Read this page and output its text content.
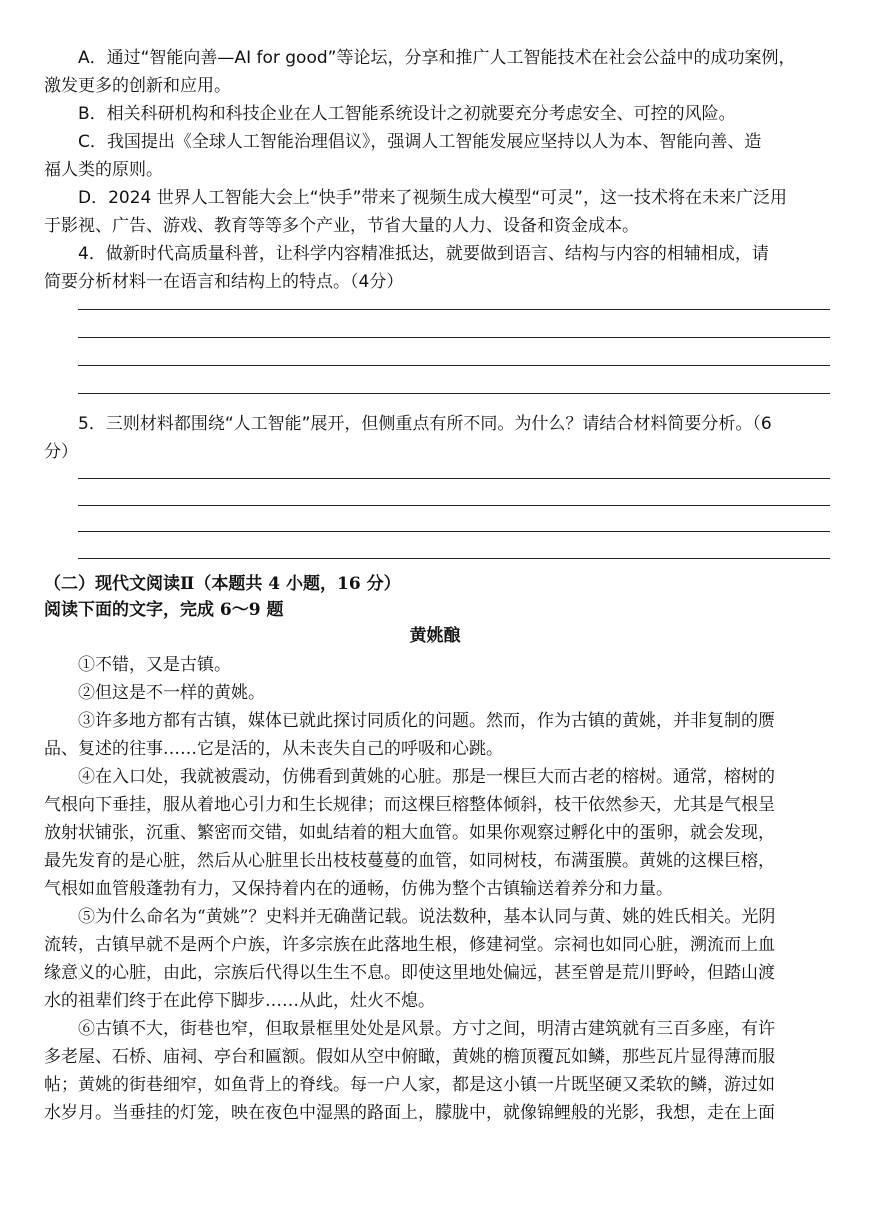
A．通过“智能向善—AI for good”等论坛，分享和推广人工智能技术在社会公益中的成功案例，
激发更多的创新和应用。
B．相关科研机构和科技企业在人工智能系统设计之初就要充分考虑安全、可控的风险。
C．我国提出《全球人工智能治理倡议》，强调人工智能发展应坚持以人为本、智能向善、造
福人类的原则。
D．2024 世界人工智能大会上“快手”带来了视频生成大模型“可灵”，这一技术将在未来广泛用
于影视、广告、游戏、教育等等多个产业，节省大量的人力、设备和资金成本。
4．做新时代高质量科普，让科学内容精准抵达，就要做到语言、结构与内容的相辅相成，请
简要分析材料一在语言和结构上的特点。（4分）
5．三则材料都围绕“人工智能”展开，但侧重点有所不同。为什么？请结合材料简要分析。（6
分）
（二）现代文阅读Ⅱ（本题共 4 小题，16 分）
阅读下面的文字，完成 6～9 题
黄姚酿
①不错，又是古镇。
②但这是不一样的黄姚。
③许多地方都有古镇，媒体已就此探讨同质化的问题。然而，作为古镇的黄姚，并非复制的赝
品、复述的往事……它是活的，从未丧失自己的呼吸和心跳。
④在入口处，我就被震动，仿佛看到黄姚的心脏。那是一棵巨大而古老的榕树。通常，榕树的
气根向下垂挂，服从着地心引力和生长规律；而这棵巨榕整体倾斜，枝干依然参天，尤其是气根呈
放射状铺张，沉重、繁密而交错，如虬结着的粗大血管。如果你观察过孵化中的蛋卵，就会发现，
最先发育的是心脏，然后从心脏里长出枝枝蔓蔓的血管，如同树枝，布满蛋膜。黄姚的这棵巨榕，
气根如血管般蓬勃有力，又保持着内在的通畅，仿佛为整个古镇输送着养分和力量。
⑤为什么命名为“黄姚”？史料并无确凿记载。说法数种，基本认同与黄、姚的姓氏相关。光阴
流转，古镇早就不是两个户族，许多宗族在此落地生根，修建祠堂。宗祠也如同心脏，溯流而上血
缘意义的心脏，由此，宗族后代得以生生不息。即使这里地处偏远，甚至曾是荒川野岭，但踏山渡
水的祖辈们终于在此停下脚步……从此，灶火不熄。
⑥古镇不大，街巷也窄，但取景框里处处是风景。方寸之间，明清古建筑就有三百多座，有许
多老屋、石桥、庙祠、亭台和匾额。假如从空中俯瞰，黄姚的檐顶覆瓦如鳞，那些瓦片显得薄而服
帖；黄姚的街巷细窄，如鱼背上的脊线。每一户人家，都是这小镇一片既坚硬又柔软的鳞，游过如
水岁月。当垂挂的灯笼，映在夜色中湿黑的路面上，朦胧中，就像锦鲤般的光影，我想，走在上面
